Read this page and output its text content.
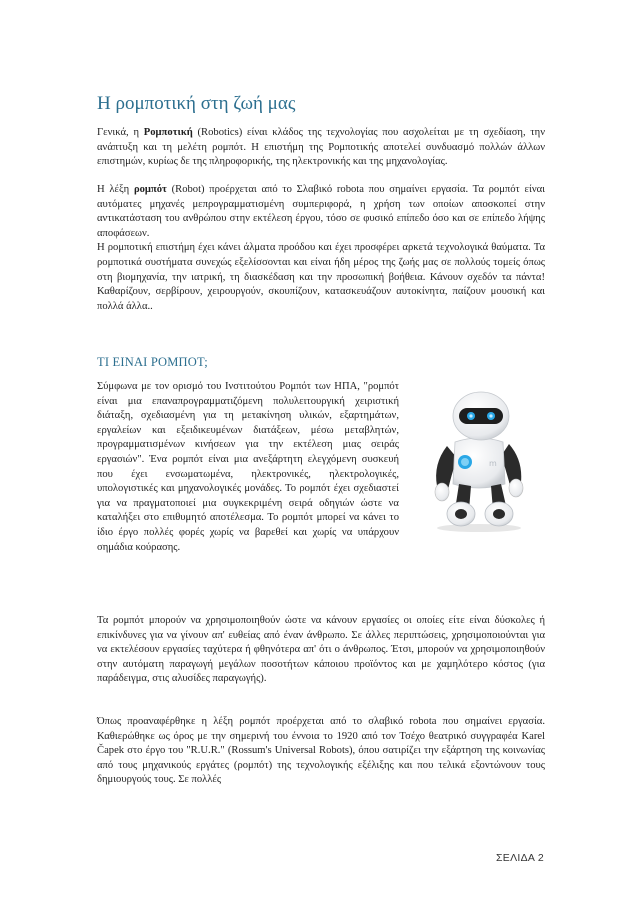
Η ρομποτική στη ζωή μας

Γενικά, η Ρομποτική (Robotics) είναι κλάδος της τεχνολογίας που ασχολείται με τη σχεδίαση, την ανάπτυξη και τη μελέτη ρομπότ. Η επιστήμη της Ρομποτικής αποτελεί συνδυασμό πολλών άλλων επιστημών, κυρίως δε της πληροφορικής, της ηλεκτρονικής και της μηχανολογίας.

Η λέξη ρομπότ (Robot) προέρχεται από το Σλαβικό robota που σημαίνει εργασία. Τα ρομπότ είναι αυτόματες μηχανές μεπρογραμματισμένη συμπεριφορά, η χρήση των οποίων αποσκοπεί στην αντικατάσταση του ανθρώπου στην εκτέλεση έργου, τόσο σε φυσικό επίπεδο όσο και σε επίπεδο λήψης αποφάσεων.

Η ρομποτική επιστήμη έχει κάνει άλματα προόδου και έχει προσφέρει αρκετά τεχνολογικά θαύματα. Τα ρομποτικά συστήματα συνεχώς εξελίσσονται και είναι ήδη μέρος της ζωής μας σε πολλούς τομείς όπως στη βιομηχανία, την ιατρική, τη διασκέδαση και την προσωπική βοήθεια. Κάνουν σχεδόν τα πάντα! Καθαρίζουν, σερβίρουν, χειρουργούν, σκουπίζουν, κατασκευάζουν αυτοκίνητα, παίζουν μουσική και πολλά άλλα..

ΤΙ ΕΙΝΑΙ ΡΟΜΠΟΤ;
m

Σύμφωνα με τον ορισμό του Ινστιτούτου Ρομπότ των ΗΠΑ, "ρομπότ είναι μια επαναπρογραμματιζόμενη πολυλειτουργική χειριστική διάταξη, σχεδιασμένη για τη μετακίνηση υλικών, εξαρτημάτων, εργαλείων και εξειδικευμένων διατάξεων, μέσω μεταβλητών, προγραμματισμένων κινήσεων για την εκτέλεση μιας σειράς εργασιών". Ένα ρομπότ είναι μια ανεξάρτητη ελεγχόμενη συσκευή που έχει ενσωματωμένα, ηλεκτρονικές, ηλεκτρολογικές, υπολογιστικές και μηχανολογικές μονάδες. Το ρομπότ έχει σχεδιαστεί για να πραγματοποιεί μια συγκεκριμένη σειρά οδηγιών ώστε να καταλήξει στο επιθυμητό αποτέλεσμα. Το ρομπότ μπορεί να κάνει το ίδιο έργο πολλές φορές χωρίς να βαρεθεί και χωρίς να υπάρχουν σημάδια κούρασης.

Τα ρομπότ μπορούν να χρησιμοποιηθούν ώστε να κάνουν εργασίες οι οποίες είτε είναι δύσκολες ή επικίνδυνες για να γίνουν απ' ευθείας από έναν άνθρωπο. Σε άλλες περιπτώσεις, χρησιμοποιούνται για να εκτελέσουν εργασίες ταχύτερα ή φθηνότερα απ' ότι ο άνθρωπος. Έτσι, μπορούν να χρησιμοποιηθούν στην αυτόματη παραγωγή μεγάλων ποσοτήτων κάποιου προϊόντος και με χαμηλότερο κόστος (για παράδειγμα, στις αλυσίδες παραγωγής).

Όπως προαναφέρθηκε η λέξη ρομπότ προέρχεται από το σλαβικό robota που σημαίνει εργασία. Καθιερώθηκε ως όρος με την σημερινή του έννοια το 1920 από τον Τσέχο θεατρικό συγγραφέα Karel Čapek στο έργο του "R.U.R." (Rossum's Universal Robots), όπου σατιρίζει την εξάρτηση της κοινωνίας από τους μηχανικούς εργάτες (ρομπότ) της τεχνολογικής εξέλιξης και που τελικά εξοντώνουν τους δημιουργούς τους. Σε πολλές

ΣΕΛΙΔΑ 2
